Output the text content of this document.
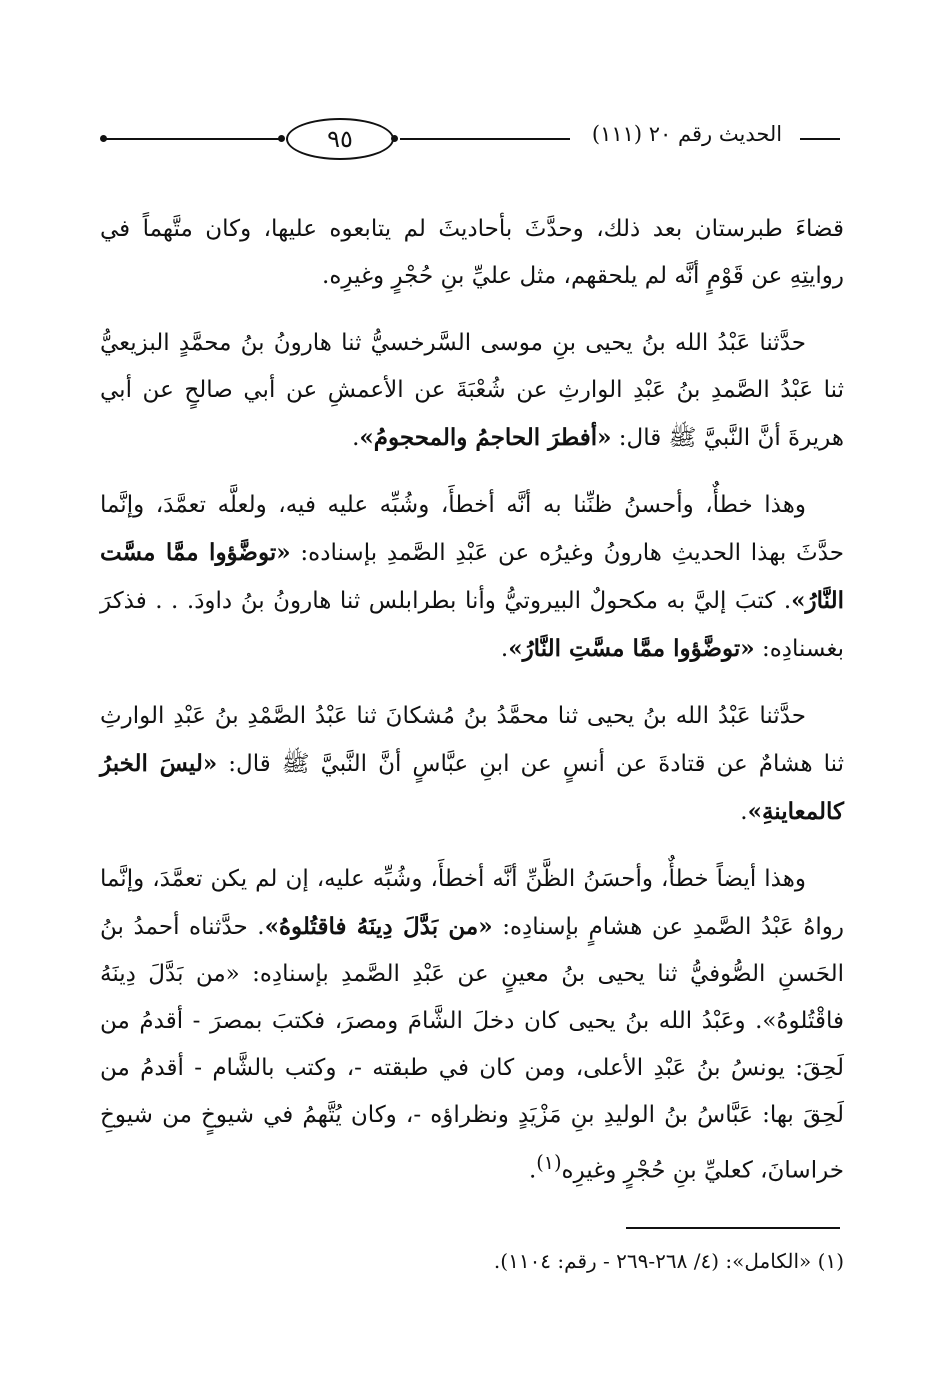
٩٥	الحديث رقم ٢٠ (١١١)

قضاءَ طبرستان بعد ذلك، وحدَّثَ بأحاديثَ لم يتابعوه عليها، وكان متَّهماً في روايتِهِ عن قَوْمٍ أنَّه لم يلحقهم، مثل عليِّ بنِ حُجْرٍ وغيرِه.

حدَّثنا عَبْدُ الله بنُ يحيى بنِ موسى السَّرخسيُّ ثنا هارونُ بنُ محمَّدٍ البزيعيُّ ثنا عَبْدُ الصَّمدِ بنُ عَبْدِ الوارثِ عن شُعْبَةَ عن الأعمشِ عن أبي صالحٍ عن أبي هريرةَ أنَّ النَّبيَّ ﷺ قال: «أفطرَ الحاجمُ والمحجومُ».

وهذا خطأٌ، وأحسنُ ظنِّنا به أنَّه أخطأَ، وشُبِّه عليه فيه، ولعلَّه تعمَّدَ، وإنَّما حدَّثَ بهذا الحديثِ هارونُ وغيرُه عن عَبْدِ الصَّمدِ بإسناده: «توضَّؤوا ممَّا مسَّت النَّارُ». كتبَ إليَّ به مكحولٌ البيروتيُّ وأنا بطرابلس ثنا هارونُ بنُ داودَ. . . فذكرَ بغسنادِه: «توضَّؤوا ممَّا مسَّتِ النَّارُ».

حدَّثنا عَبْدُ الله بنُ يحيى ثنا محمَّدُ بنُ مُشكانَ ثنا عَبْدُ الصَّمْدِ بنُ عَبْدِ الوارثِ ثنا هشامٌ عن قتادةَ عن أنسٍ عن ابنِ عبَّاسٍ أنَّ النَّبيَّ ﷺ قال: «ليسَ الخبرُ كالمعاينةِ».

وهذا أيضاً خطأٌ، وأحسَنُ الظَّنِّ أنَّه أخطأَ، وشُبِّه عليه، إن لم يكن تعمَّدَ، وإنَّما رواهُ عَبْدُ الصَّمدِ عن هشامٍ بإسنادِه: «من بَدَّلَ دِينَهُ فاقتُلوهُ». حدَّثناه أحمدُ بنُ الحَسنِ الصُّوفيُّ ثنا يحيى بنُ معينٍ عن عَبْدِ الصَّمدِ بإسنادِه: «من بَدَّلَ دِينَهُ فاقْتُلوهُ». وعَبْدُ الله بنُ يحيى كان دخلَ الشَّامَ ومصرَ، فكتبَ بمصرَ - أقدمُ من لَحِقَ: يونسُ بنُ عَبْدِ الأعلى، ومن كان في طبقته -، وكتب بالشَّام - أقدمُ من لَحِقَ بها: عَبَّاسُ بنُ الوليدِ بنِ مَزْيَدٍ ونظراؤه -، وكان يُتَّهمُ في شيوخٍ من شيوخِ خراسانَ، كعليِّ بنِ حُجْرٍ وغيرِه$^{(١)}$.

(١) «الكامل»: (٤/ ٢٦٨-٢٦٩ - رقم: ١١٠٤).
